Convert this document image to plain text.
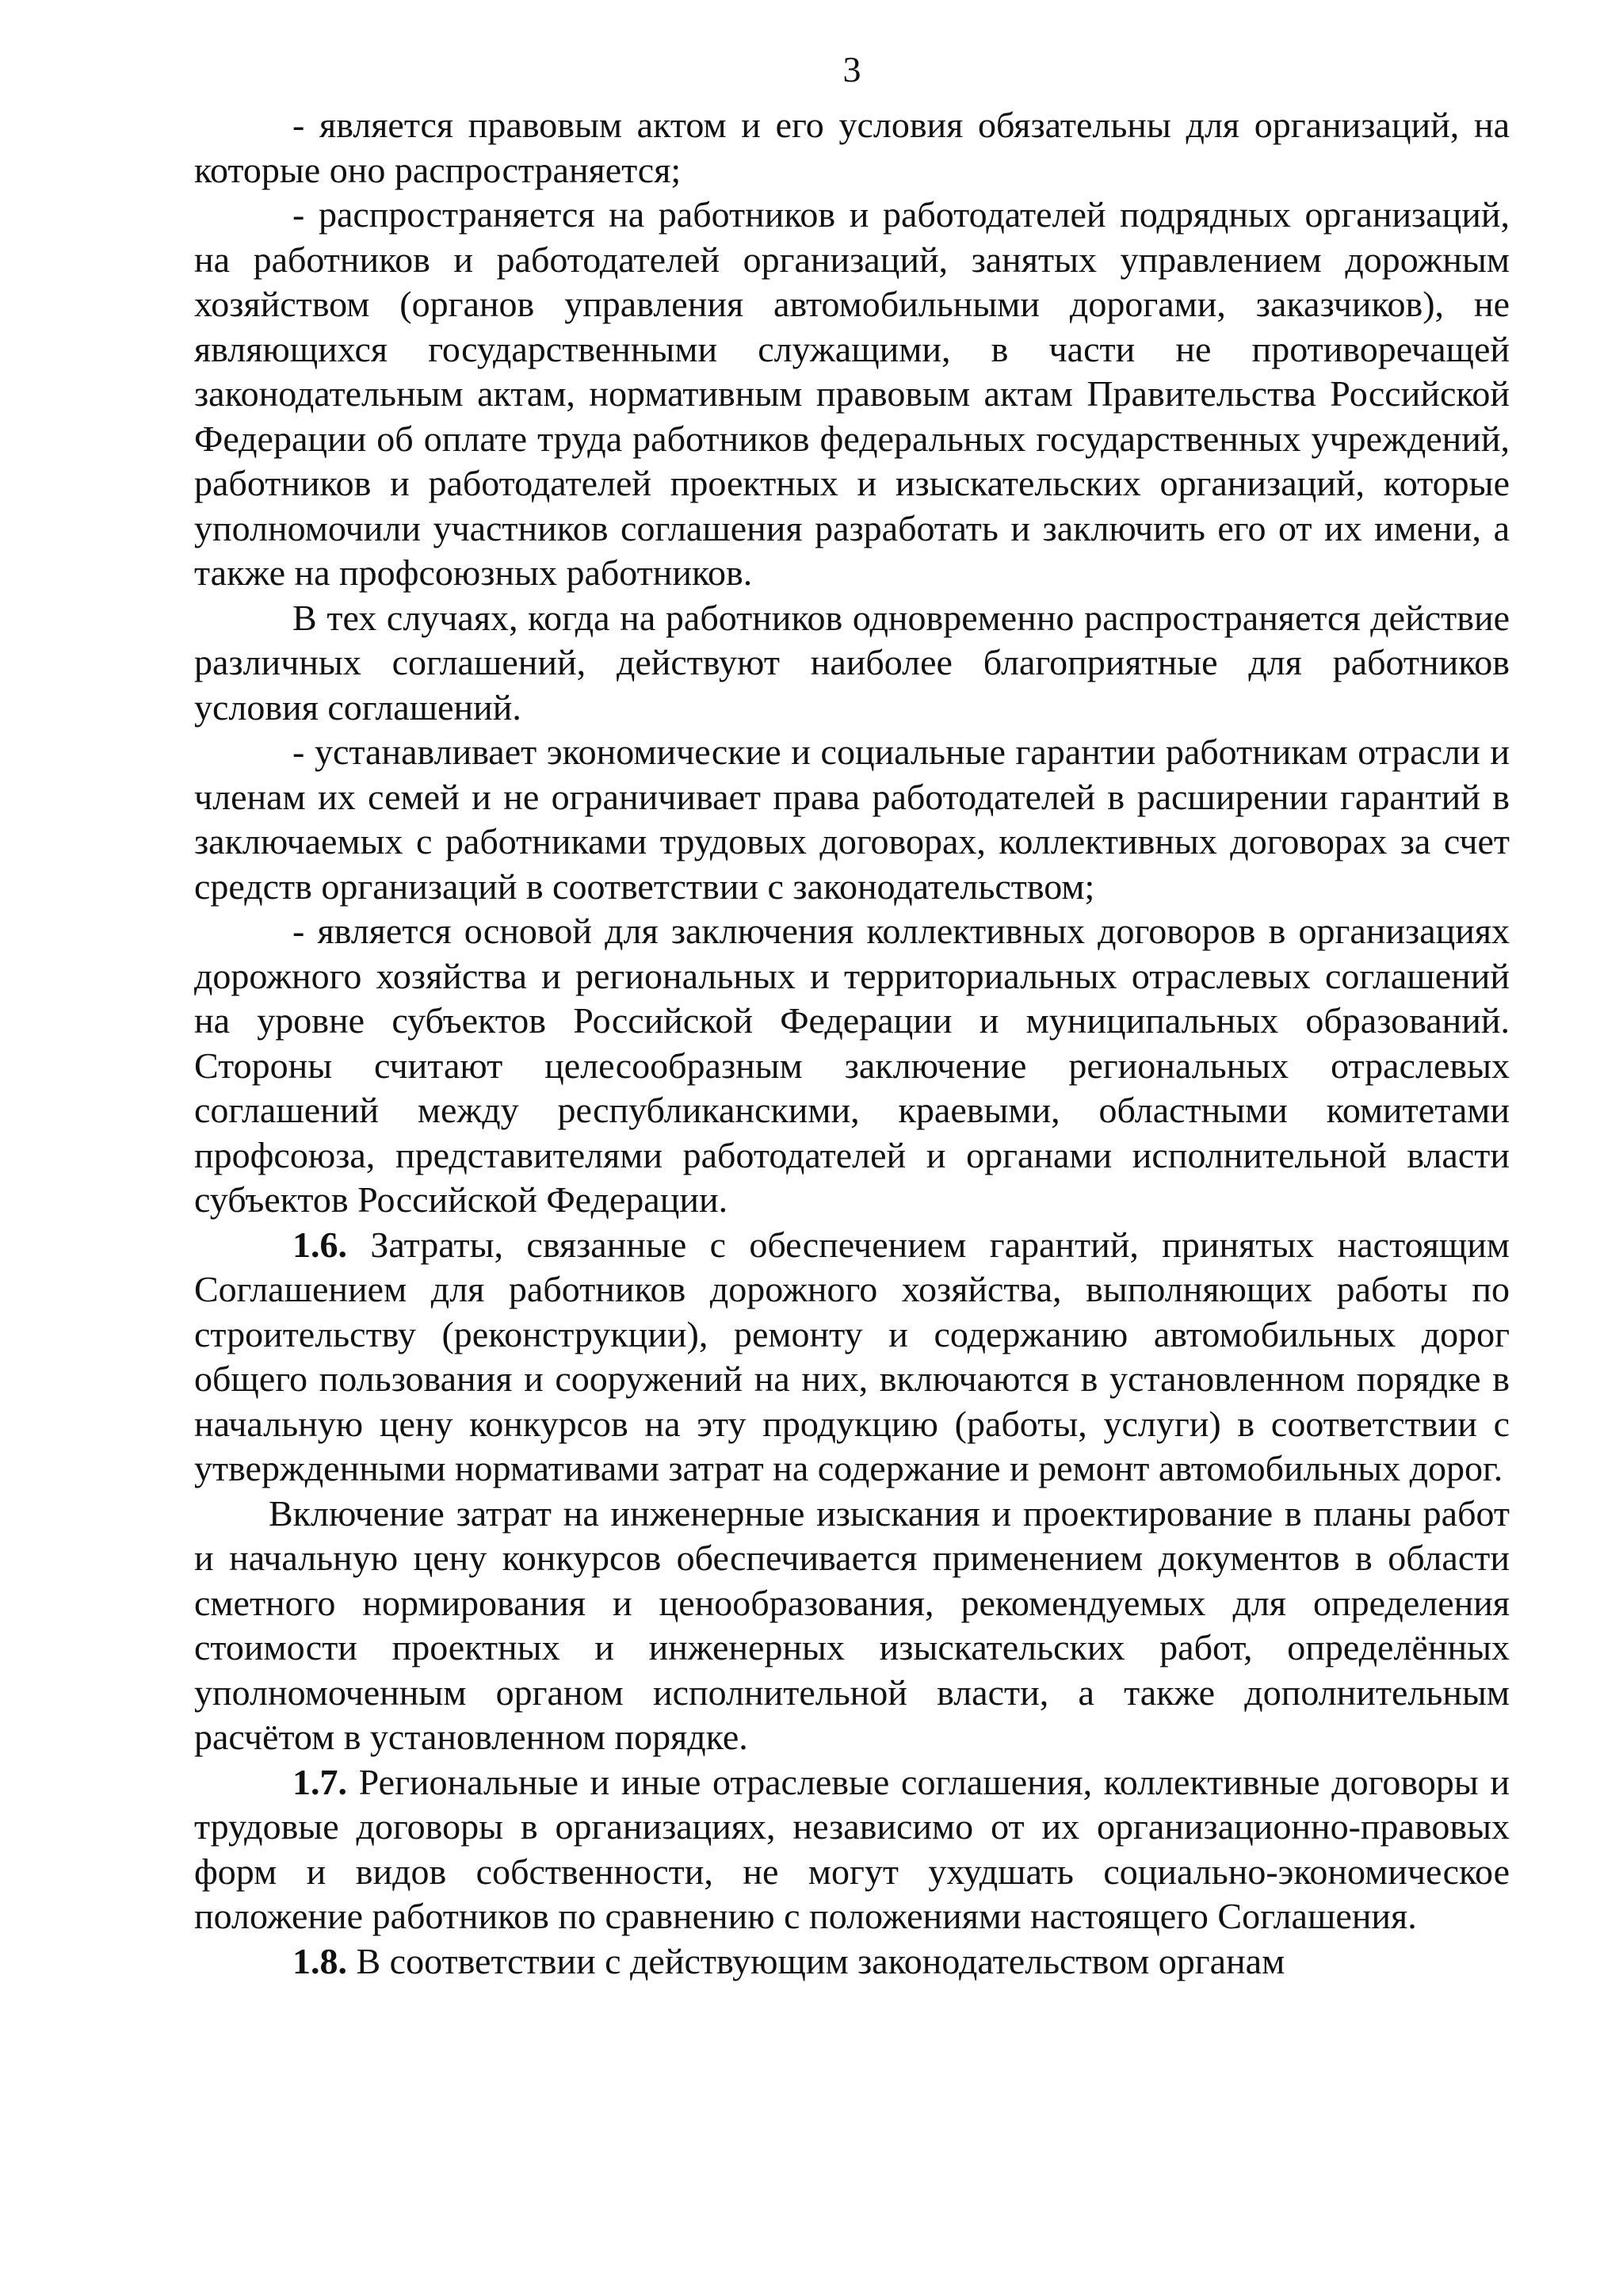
3

- является правовым актом и его условия обязательны для организаций, на которые оно распространяется;

- распространяется на работников и работодателей подрядных организаций, на работников и работодателей организаций, занятых управлением дорожным хозяйством (органов управления автомобильными дорогами, заказчиков), не являющихся государственными служащими, в части не противоречащей законодательным актам, нормативным правовым актам Правительства Российской Федерации об оплате труда работников федеральных государственных учреждений, работников и работодателей проектных и изыскательских организаций, которые уполномочили участников соглашения разработать и заключить его от их имени, а также на профсоюзных работников.

В тех случаях, когда на работников одновременно распространяется действие различных соглашений, действуют наиболее благоприятные для работников условия соглашений.

- устанавливает экономические и социальные гарантии работникам отрасли и членам их семей и не ограничивает права работодателей в расширении гарантий в заключаемых с работниками трудовых договорах, коллективных договорах за счет средств организаций в соответствии с законодательством;

- является основой для заключения коллективных договоров в организациях дорожного хозяйства и региональных и территориальных отраслевых соглашений на уровне субъектов Российской Федерации и муниципальных образований. Стороны считают целесообразным заключение региональных отраслевых соглашений между республиканскими, краевыми, областными комитетами профсоюза, представителями работодателей и органами исполнительной власти субъектов Российской Федерации.

1.6. Затраты, связанные с обеспечением гарантий, принятых настоящим Соглашением для работников дорожного хозяйства, выполняющих работы по строительству (реконструкции), ремонту и содержанию автомобильных дорог общего пользования и сооружений на них, включаются в установленном порядке в начальную цену конкурсов на эту продукцию (работы, услуги) в соответствии с утвержденными нормативами затрат на содержание и ремонт автомобильных дорог.

Включение затрат на инженерные изыскания и проектирование в планы работ и начальную цену конкурсов обеспечивается применением документов в области сметного нормирования и ценообразования, рекомендуемых для определения стоимости проектных и инженерных изыскательских работ, определённых уполномоченным органом исполнительной власти, а также дополнительным расчётом в установленном порядке.

1.7. Региональные и иные отраслевые соглашения, коллективные договоры и трудовые договоры в организациях, независимо от их организационно-правовых форм и видов собственности, не могут ухудшать социально-экономическое положение работников по сравнению с положениями настоящего Соглашения.

1.8. В соответствии с действующим законодательством органам
